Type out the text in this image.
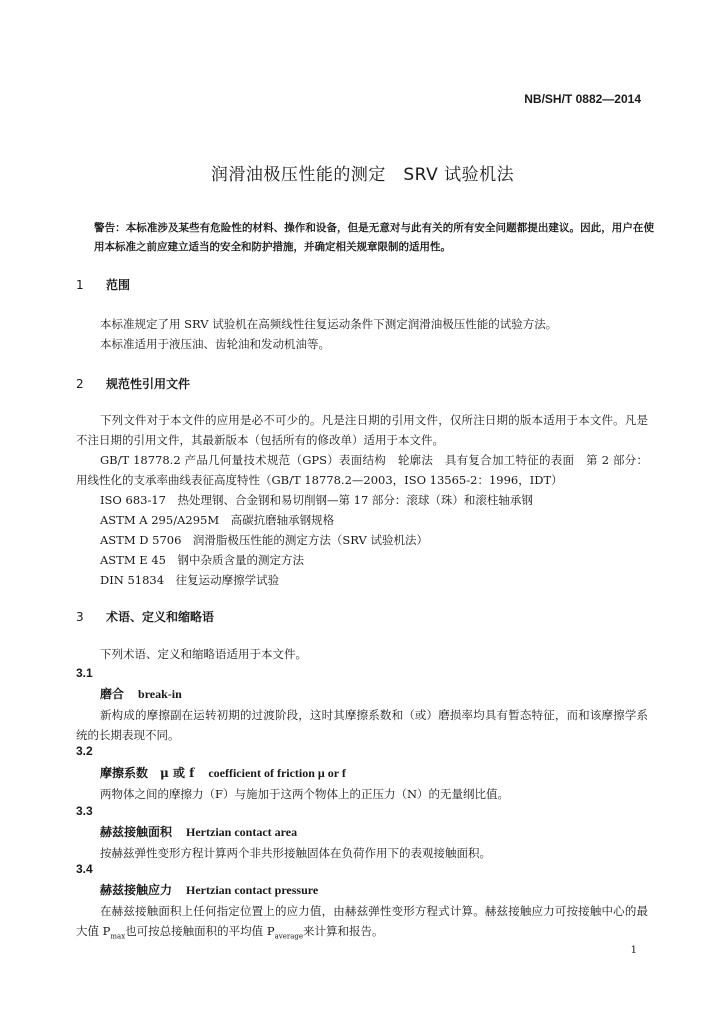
NB/SH/T 0882—2014
润滑油极压性能的测定　SRV 试验机法
警告：本标准涉及某些有危险性的材料、操作和设备，但是无意对与此有关的所有安全问题都提出建议。因此，用户在使用本标准之前应建立适当的安全和防护措施，并确定相关规章限制的适用性。
1 范围
本标准规定了用 SRV 试验机在高频线性往复运动条件下测定润滑油极压性能的试验方法。
本标准适用于液压油、齿轮油和发动机油等。
2 规范性引用文件
下列文件对于本文件的应用是必不可少的。凡是注日期的引用文件，仅所注日期的版本适用于本文件。凡是不注日期的引用文件，其最新版本（包括所有的修改单）适用于本文件。
GB/T 18778.2 产品几何量技术规范（GPS）表面结构　轮廓法　具有复合加工特征的表面　第 2 部分：用线性化的支承率曲线表征高度特性（GB/T 18778.2—2003，ISO 13565-2：1996，IDT）
ISO 683-17　热处理钢、合金钢和易切削钢—第 17 部分：滚球（珠）和滚柱轴承钢
ASTM A 295/A295M　高碳抗磨轴承钢规格
ASTM D 5706　润滑脂极压性能的测定方法（SRV 试验机法）
ASTM E 45　钢中杂质含量的测定方法
DIN 51834　往复运动摩擦学试验
3 术语、定义和缩略语
下列术语、定义和缩略语适用于本文件。
3.1
磨合 break-in
新构成的摩擦副在运转初期的过渡阶段，这时其摩擦系数和（或）磨损率均具有暂态特征，而和该摩擦学系统的长期表现不同。
3.2
摩擦系数　μ 或 f coefficient of friction μ or f
两物体之间的摩擦力（F）与施加于这两个物体上的正压力（N）的无量纲比值。
3.3
赫兹接触面积 Hertzian contact area
按赫兹弹性变形方程计算两个非共形接触固体在负荷作用下的表观接触面积。
3.4
赫兹接触应力 Hertzian contact pressure
在赫兹接触面积上任何指定位置上的应力值，由赫兹弹性变形方程式计算。赫兹接触应力可按接触中心的最大值 $P_{max}$也可按总接触面积的平均值 $P_{average}$来计算和报告。
1
